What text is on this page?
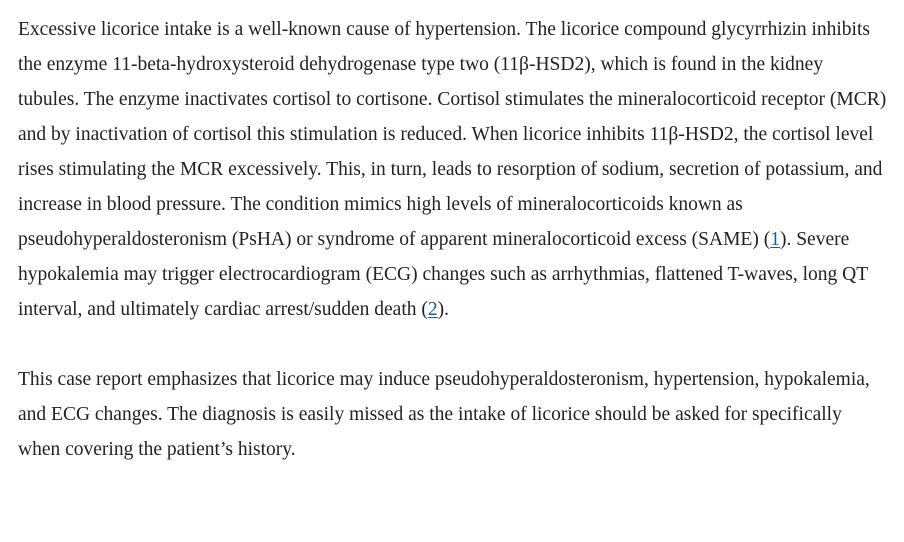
Excessive licorice intake is a well-known cause of hypertension. The licorice compound glycyrrhizin inhibits the enzyme 11-beta-hydroxysteroid dehydrogenase type two (11β-HSD2), which is found in the kidney tubules. The enzyme inactivates cortisol to cortisone. Cortisol stimulates the mineralocorticoid receptor (MCR) and by inactivation of cortisol this stimulation is reduced. When licorice inhibits 11β-HSD2, the cortisol level rises stimulating the MCR excessively. This, in turn, leads to resorption of sodium, secretion of potassium, and increase in blood pressure. The condition mimics high levels of mineralocorticoids known as pseudohyperaldosteronism (PsHA) or syndrome of apparent mineralocorticoid excess (SAME) (1). Severe hypokalemia may trigger electrocardiogram (ECG) changes such as arrhythmias, flattened T-waves, long QT interval, and ultimately cardiac arrest/sudden death (2).

This case report emphasizes that licorice may induce pseudohyperaldosteronism, hypertension, hypokalemia, and ECG changes. The diagnosis is easily missed as the intake of licorice should be asked for specifically when covering the patient’s history.
